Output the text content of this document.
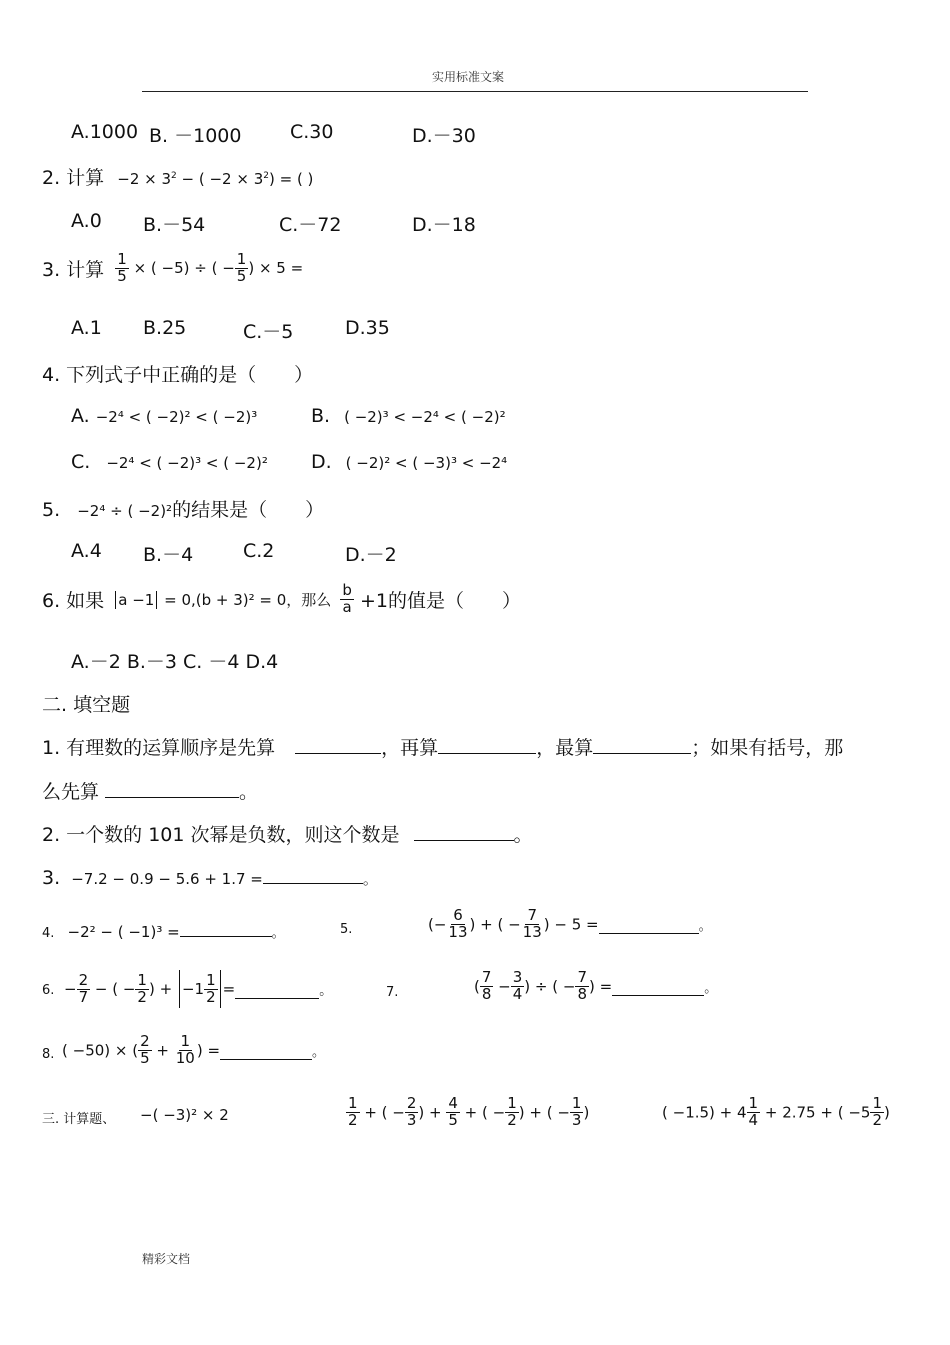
实用标准文案
A.1000 B. －1000	C.30	D.－30
2. 计算 $-2 \times 3^2$ − ( $-2 \times 3^2$) = ( )
A.0 B.－54	C.－72	D.－18
3. 计算 $\frac{1}{5}$ × ( −5) ÷ ( − $\frac{1}{5}$ ) × 5 =
A.1 B.25	C.－5	D.35
4. 下列式子中正确的是（　　）
A. −2⁴ < ( −2)² < ( −2)³	B. ( −2)³ < −2⁴ < ( −2)²
C. −2⁴ < ( −2)³ < ( −2)² D. ( −2)² < ( −3)³ < −2⁴
5. −2⁴ ÷ ( −2)²的结果是（　　）
A.4 B.－4	C.2	D.－2
6. 如果 a −1 = 0,(b + 3)² = 0，那么 $\frac{b}{a} +1$的值是（　　）
A.－2 B.－3 C. －4 D.4
二. 填空题
1. 有理数的运算顺序是先算	，再算	，最算	；如果有括号，那
么先算	。
2. 一个数的 101 次幂是负数，则这个数是	。
3. −7.2 − 0.9 − 5.6 + 1.7 =	。
4. −2² − ( −1)³ =	。	5.	(− $\frac{6}{13}$ ) + ( − $\frac{7}{13}$ ) − 5 =	。
6. − $\frac{2}{7}$ − ( − $\frac{1}{2}$ ) + $-1 \frac{1}{2}$ =	。	7.	( $\frac{7}{8} - \frac{3}{4}$ ) ÷ ( − $\frac{7}{8}$ ) =	。
8. ( −50) × ( $\frac{2}{5} + \frac{1}{10}$ ) =	。
三. 计算题、 −( −3)² × 2	$\frac{1}{2}$ + ( − $\frac{2}{3}$ ) + $\frac{4}{5}$ + ( − $\frac{1}{2}$ ) + ( − $\frac{1}{3}$ )	( $-1.5) + 4 \frac{1}{4} + 2.75$ + ( $-5 \frac{1}{2}$ )
精彩文档
